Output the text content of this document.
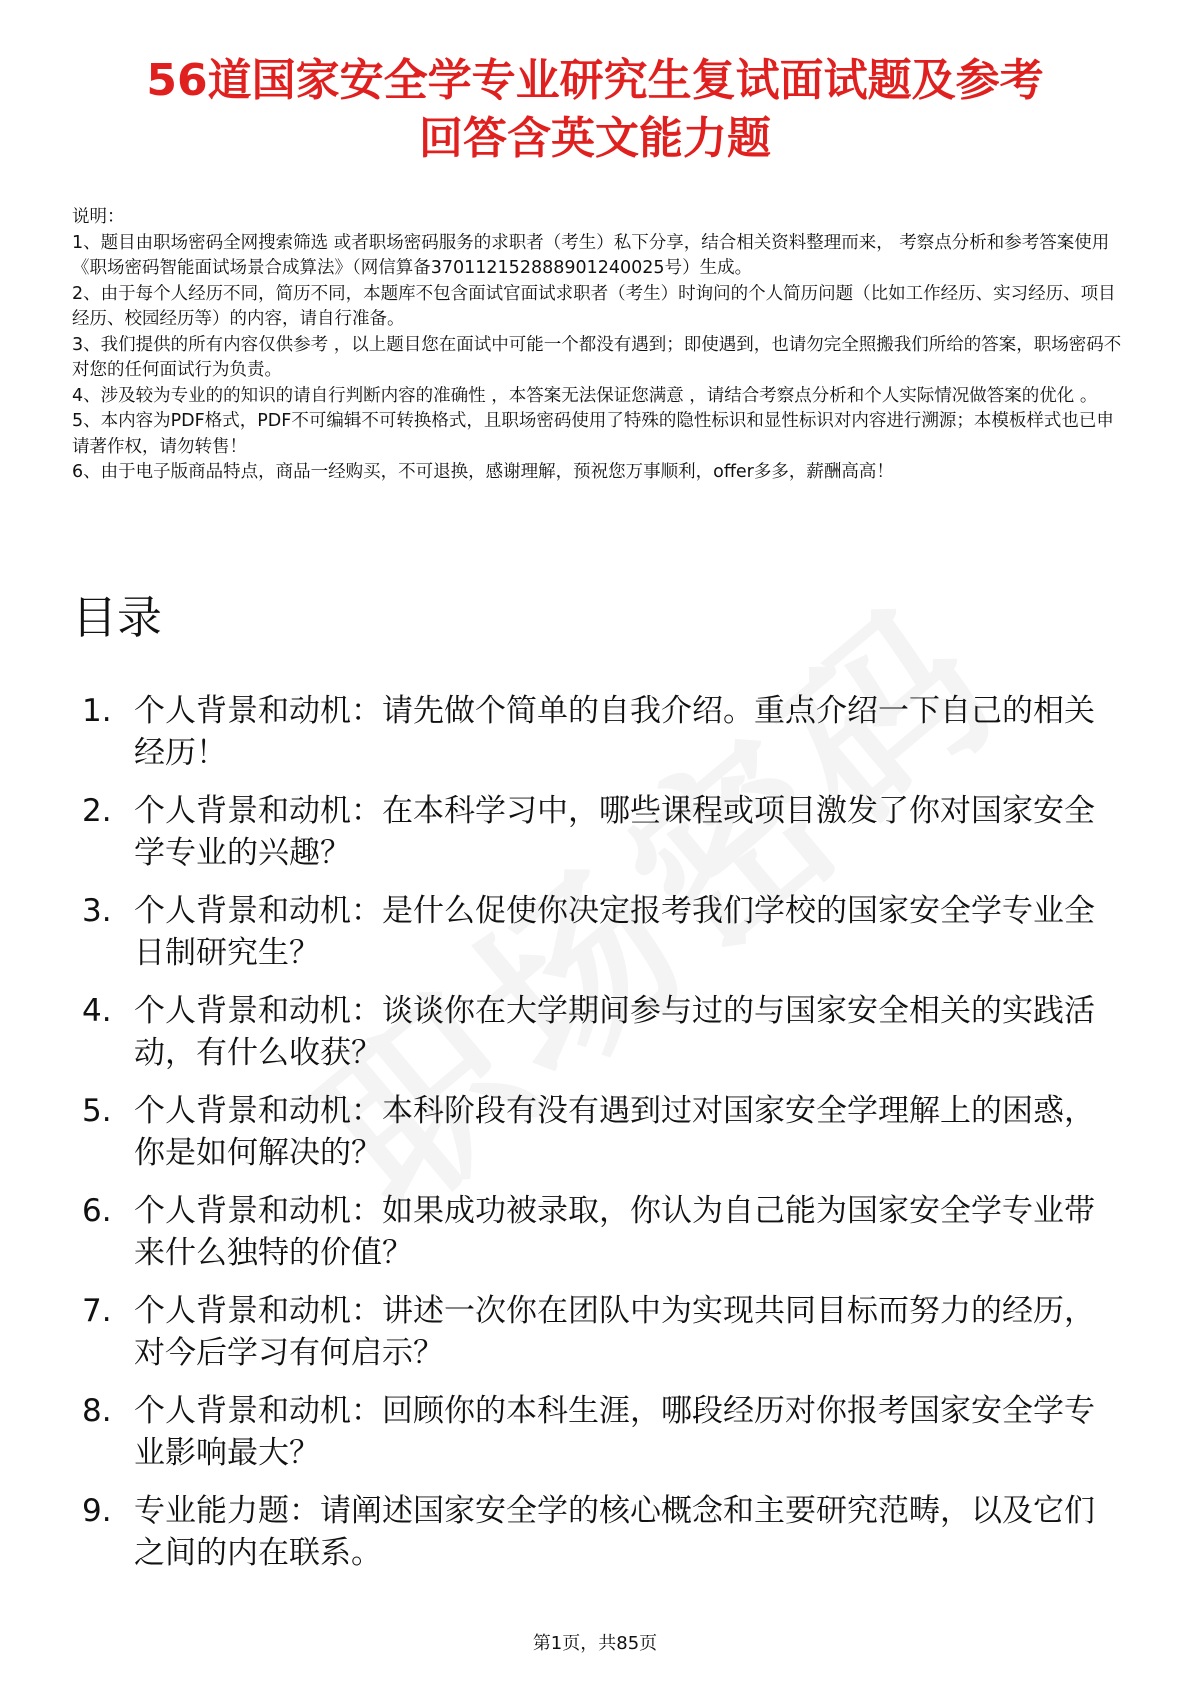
56道国家安全学专业研究生复试面试题及参考
回答含英文能力题

说明：

1、题目由职场密码全网搜索筛选 或者职场密码服务的求职者（考生）私下分享，结合相关资料整理而来， 考察点分析和参考答案使用《职场密码智能面试场景合成算法》（网信算备370112152888901240025号）生成。

2、由于每个人经历不同，简历不同，本题库不包含面试官面试求职者（考生）时询问的个人简历问题（比如工作经历、实习经历、项目经历、校园经历等）的内容，请自行准备。

3、我们提供的所有内容仅供参考 ，以上题目您在面试中可能一个都没有遇到；即使遇到，也请勿完全照搬我们所给的答案，职场密码不对您的任何面试行为负责。

4、涉及较为专业的的知识的请自行判断内容的准确性 ，本答案无法保证您满意 ，请结合考察点分析和个人实际情况做答案的优化 。

5、本内容为PDF格式，PDF不可编辑不可转换格式，且职场密码使用了特殊的隐性标识和显性标识对内容进行溯源；本模板样式也已申请著作权，请勿转售！

6、由于电子版商品特点，商品一经购买，不可退换，感谢理解，预祝您万事顺利，offer多多，薪酬高高！

目录
1. 个人背景和动机：请先做个简单的自我介绍。重点介绍一下自己的相关经历！
2. 个人背景和动机：在本科学习中，哪些课程或项目激发了你对国家安全学专业的兴趣？
3. 个人背景和动机：是什么促使你决定报考我们学校的国家安全学专业全日制研究生？
4. 个人背景和动机：谈谈你在大学期间参与过的与国家安全相关的实践活动，有什么收获？
5. 个人背景和动机：本科阶段有没有遇到过对国家安全学理解上的困惑，你是如何解决的？
6. 个人背景和动机：如果成功被录取，你认为自己能为国家安全学专业带来什么独特的价值？
7. 个人背景和动机：讲述一次你在团队中为实现共同目标而努力的经历，对今后学习有何启示？
8. 个人背景和动机：回顾你的本科生涯，哪段经历对你报考国家安全学专业影响最大？
9. 专业能力题：请阐述国家安全学的核心概念和主要研究范畴，以及它们之间的内在联系。
第1页，共85页
